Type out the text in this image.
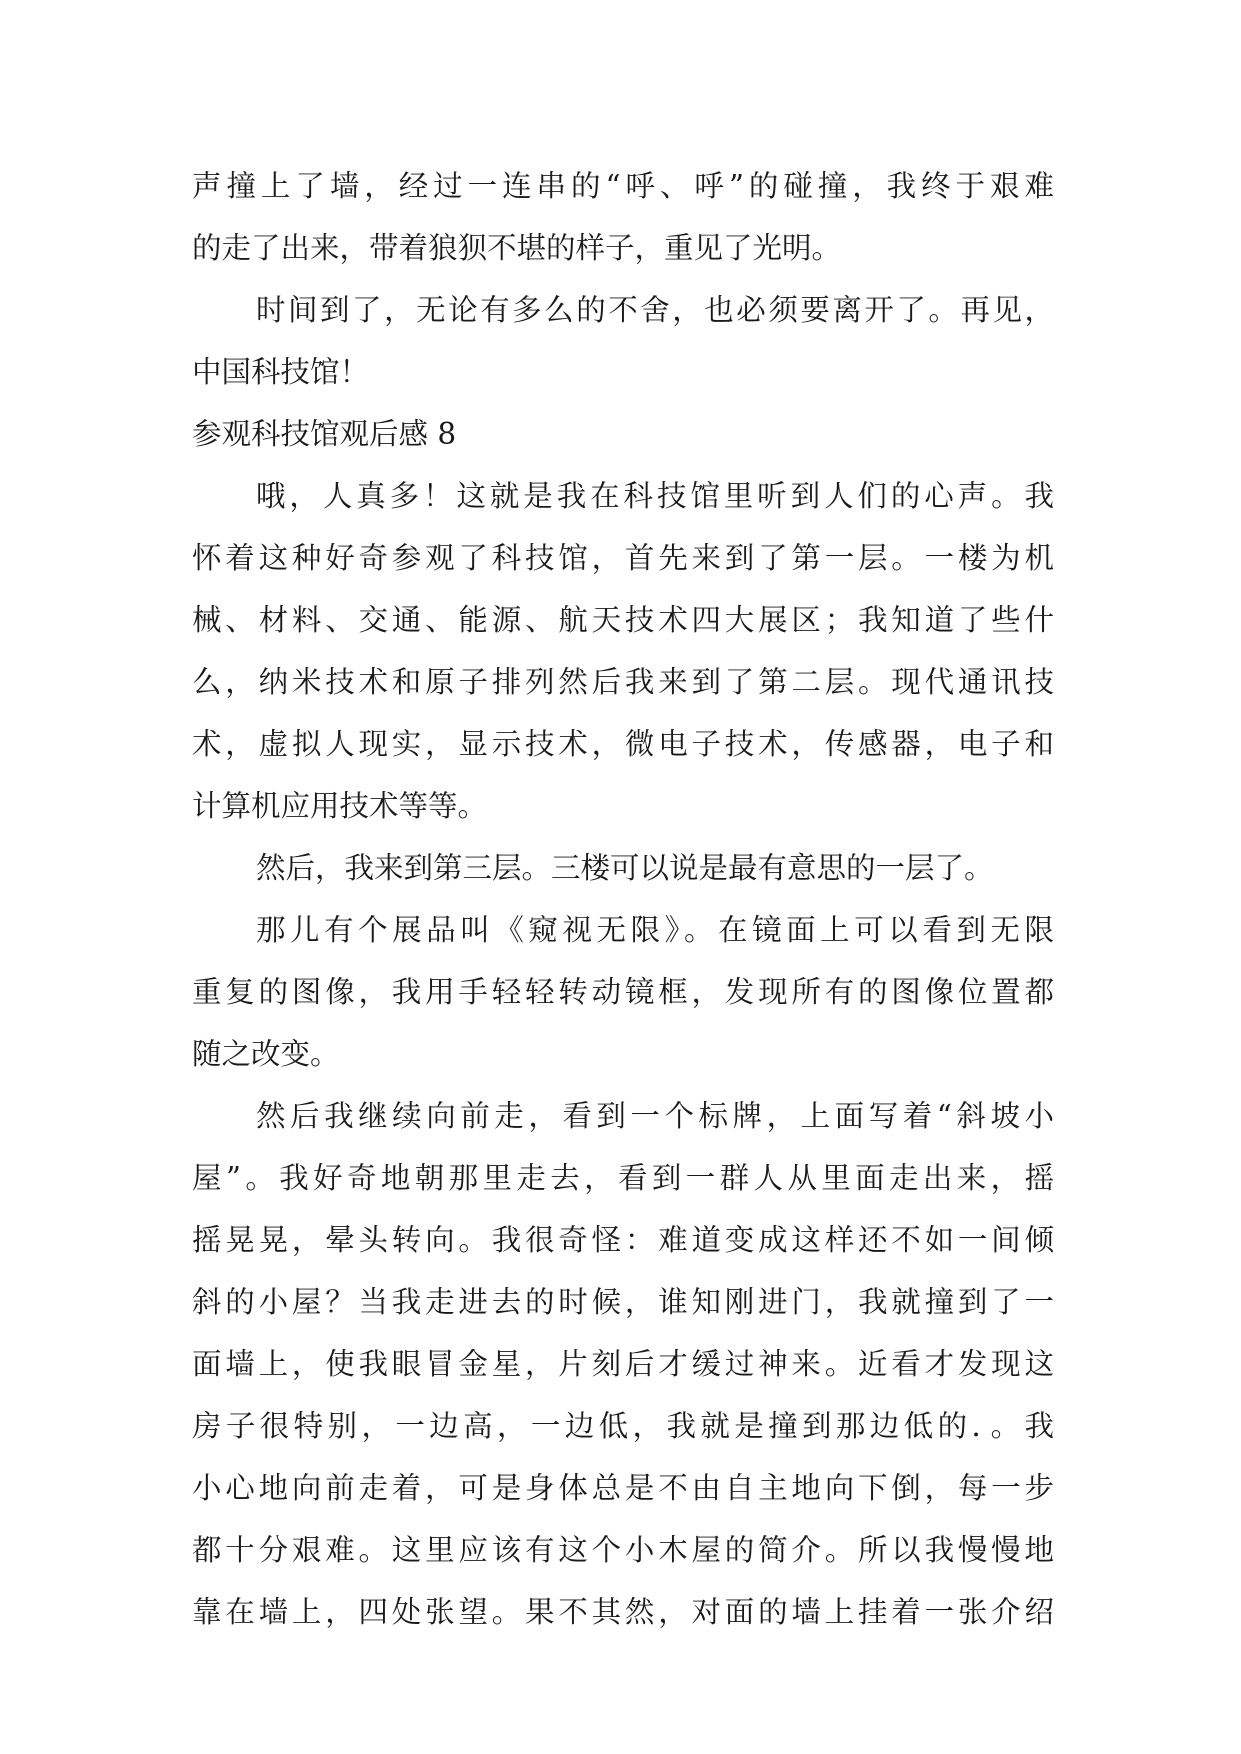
声撞上了墙，经过一连串的“呼、呼”的碰撞，我终于艰难
的走了出来，带着狼狈不堪的样子，重见了光明。
时间到了，无论有多么的不舍，也必须要离开了。再见，
中国科技馆！
参观科技馆观后感 8
哦，人真多！这就是我在科技馆里听到人们的心声。我
怀着这种好奇参观了科技馆，首先来到了第一层。一楼为机
械、材料、交通、能源、航天技术四大展区；我知道了些什
么，纳米技术和原子排列然后我来到了第二层。现代通讯技
术，虚拟人现实，显示技术，微电子技术，传感器，电子和
计算机应用技术等等。
然后，我来到第三层。三楼可以说是最有意思的一层了。
那儿有个展品叫《窥视无限》。在镜面上可以看到无限
重复的图像，我用手轻轻转动镜框，发现所有的图像位置都
随之改变。
然后我继续向前走，看到一个标牌，上面写着“斜坡小
屋”。我好奇地朝那里走去，看到一群人从里面走出来，摇
摇晃晃，晕头转向。我很奇怪：难道变成这样还不如一间倾
斜的小屋？当我走进去的时候，谁知刚进门，我就撞到了一
面墙上，使我眼冒金星，片刻后才缓过神来。近看才发现这
房子很特别，一边高，一边低，我就是撞到那边低的．。我
小心地向前走着，可是身体总是不由自主地向下倒，每一步
都十分艰难。这里应该有这个小木屋的简介。所以我慢慢地
靠在墙上，四处张望。果不其然，对面的墙上挂着一张介绍
